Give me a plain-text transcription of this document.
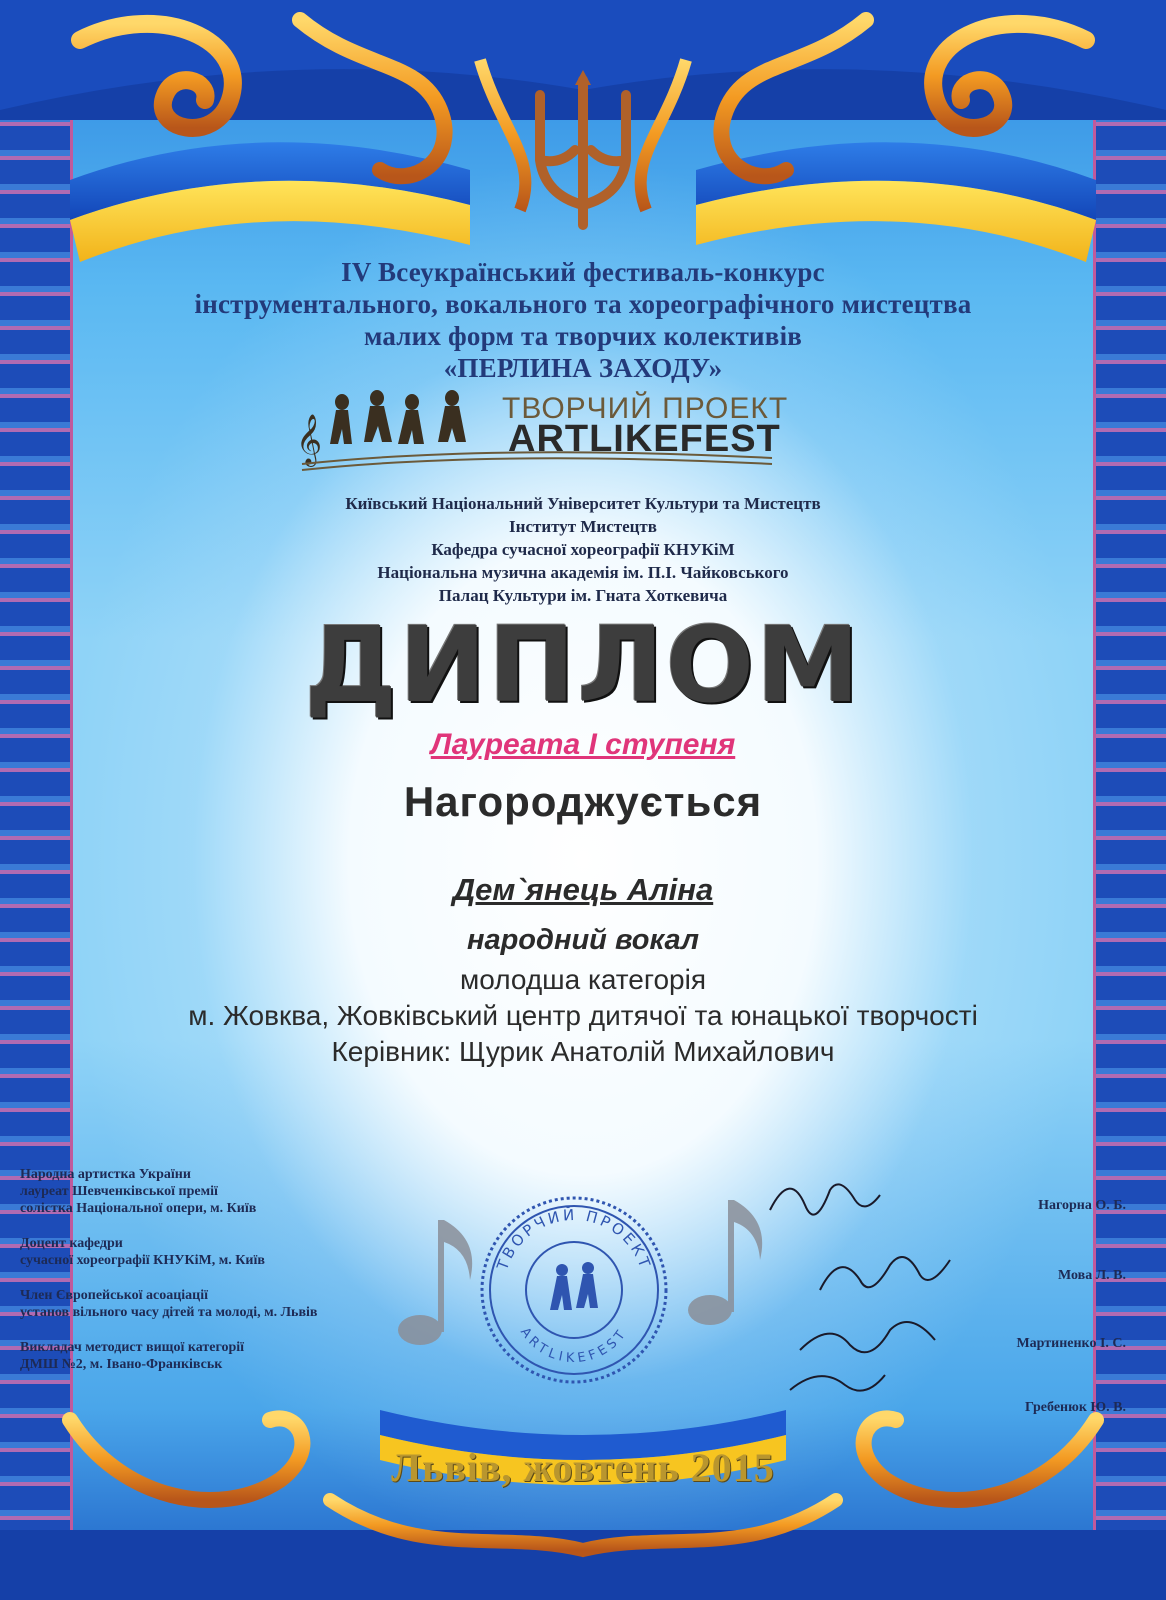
IV Всеукраїнський фестиваль-конкурс
інструментального, вокального та хореографічного мистецтва
малих форм та творчих колективів
«ПЕРЛИНА ЗАХОДУ»
𝄞
ТВОРЧИЙ ПРОЕКТ
ARTLIKEFEST
Київський Національний Університет Культури та Мистецтв
Інститут Мистецтв
Кафедра сучасної хореографії КНУКіМ
Національна музична академія ім. П.І. Чайковського
Палац Культури ім. Гната Хоткевича
ДИПЛОМ
Лауреата I ступеня
Нагороджується
Дем`янець Аліна
народний вокал
молодша категорія
м. Жовква, Жовківський центр дитячої та юнацької творчості
Керівник: Щурик Анатолій Михайлович
Народна артистка України
лауреат Шевченківської премії
солістка Національної опери, м. Київ
Доцент кафедри
сучасної хореографії КНУКіМ, м. Київ
Член Європейської асоаціації
установ вільного часу дітей та молоді, м. Львів
Викладач методист вищої категорії
ДМШ №2, м. Івано-Франківськ
Нагорна О. Б.
Мова Л. В.
Мартиненко І. С.
Гребенюк Ю. В.
ТВОРЧИЙ ПРОЕКТ
ARTLIKEFEST
Львів, жовтень 2015
